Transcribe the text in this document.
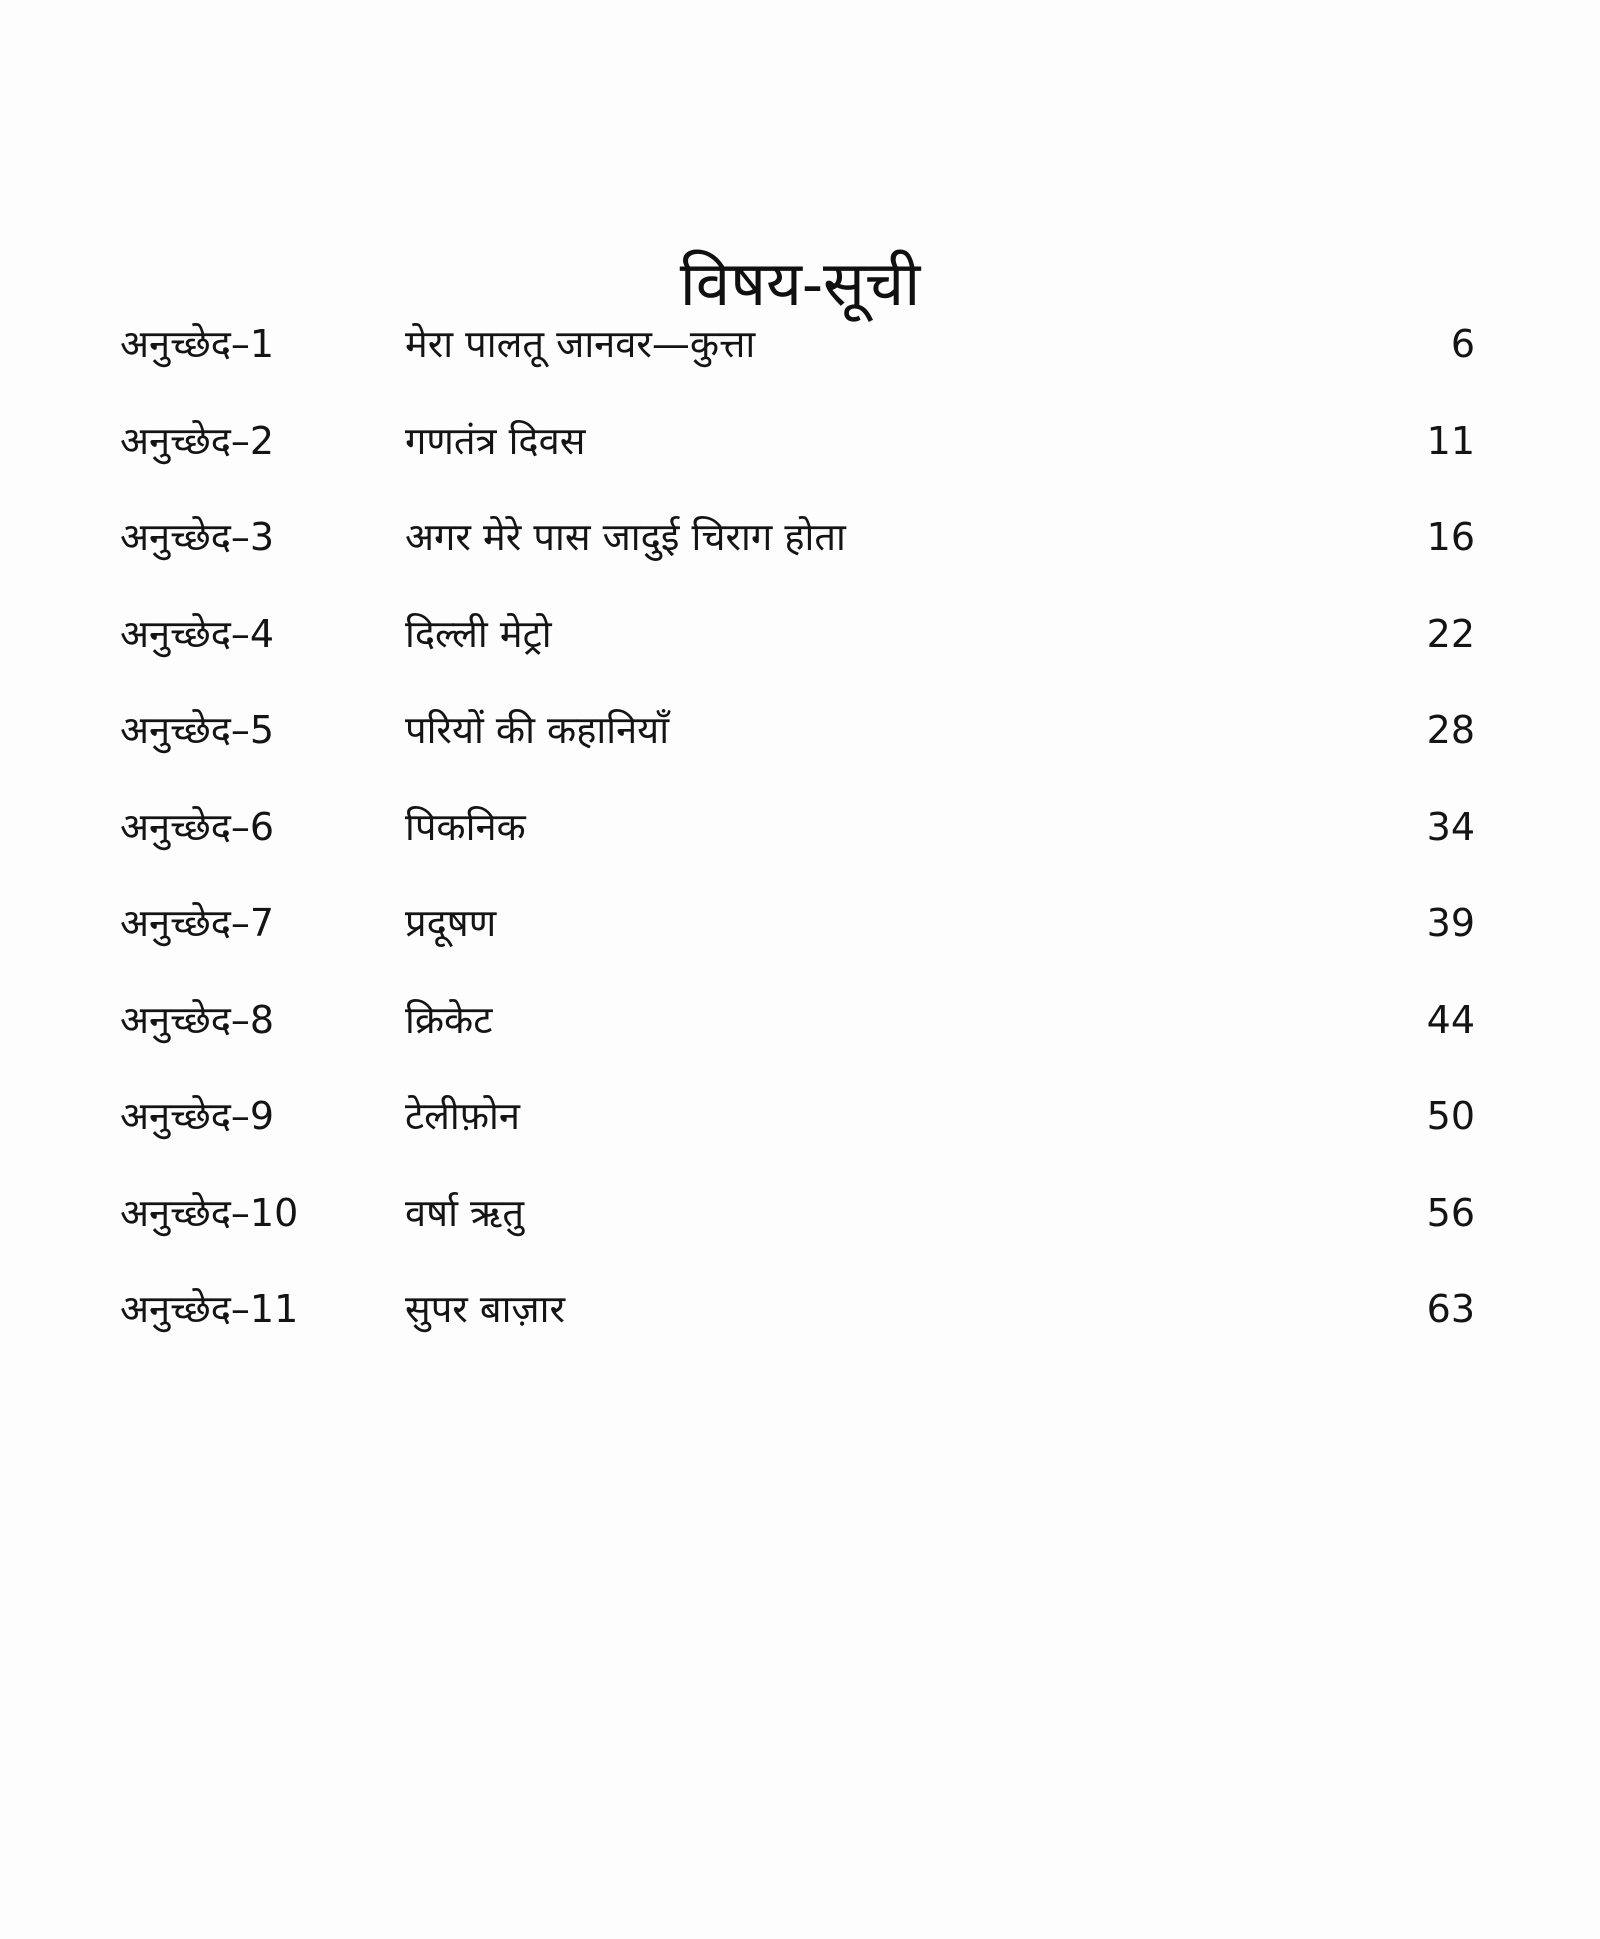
विषय-सूची
अनुच्छेद–1	मेरा पालतू जानवर—कुत्ता	6
अनुच्छेद–2	गणतंत्र दिवस	11
अनुच्छेद–3	अगर मेरे पास जादुई चिराग होता	16
अनुच्छेद–4	दिल्ली मेट्रो	22
अनुच्छेद–5	परियों की कहानियाँ	28
अनुच्छेद–6	पिकनिक	34
अनुच्छेद–7	प्रदूषण	39
अनुच्छेद–8	क्रिकेट	44
अनुच्छेद–9	टेलीफ़ोन	50
अनुच्छेद–10	वर्षा ऋतु	56
अनुच्छेद–11	सुपर बाज़ार	63
